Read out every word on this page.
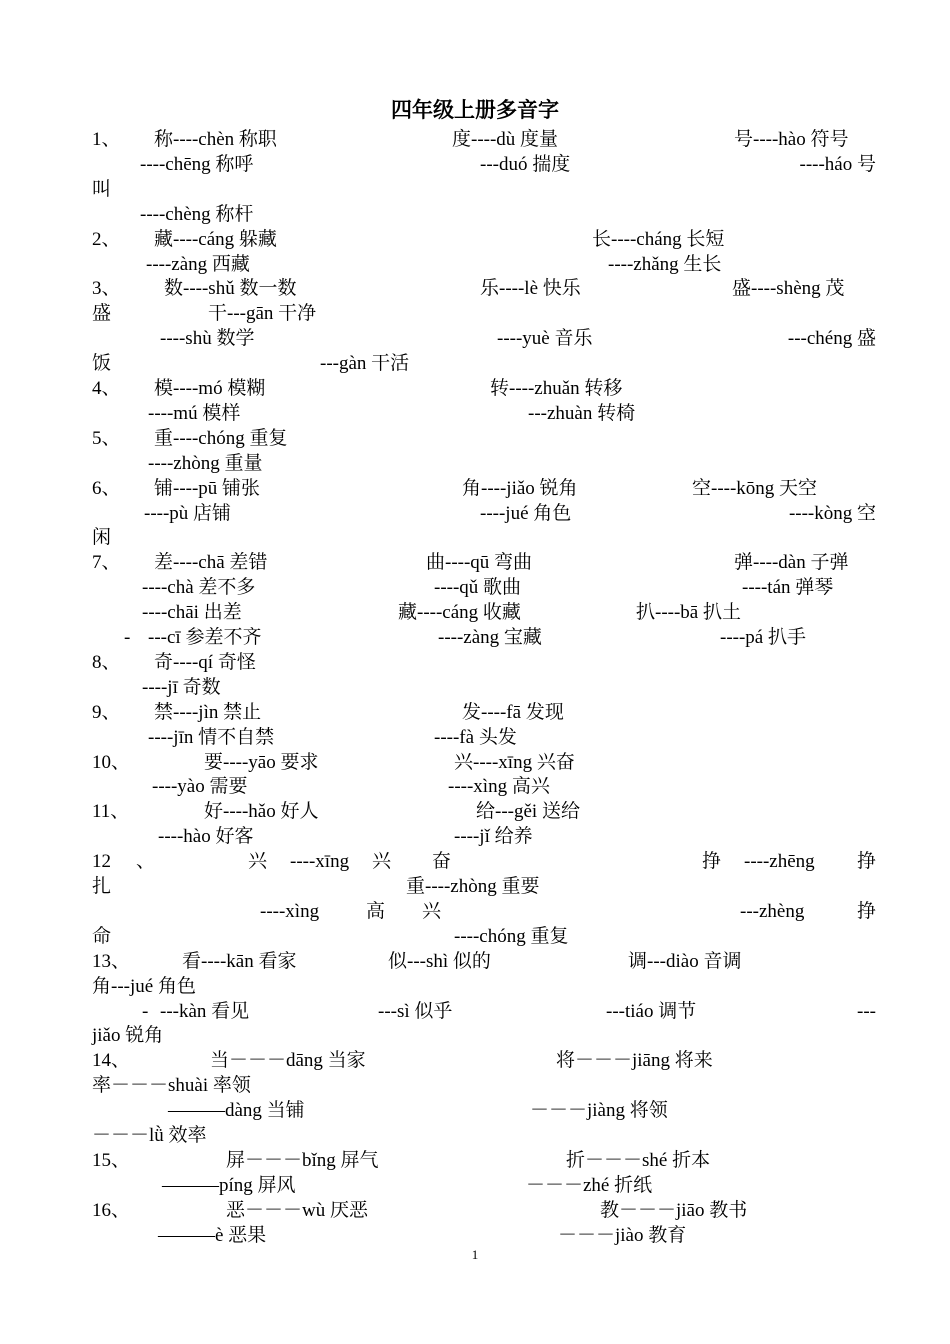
四年级上册多音字
1、 称----chèn 称职	度----dù 度量	号----hào 符号
----chēng 称呼	---duó 揣度	----háo 号
叫
----chèng 称杆
2、 藏----cáng 躲藏	长----cháng 长短
----zàng 西藏	----zhǎng 生长
3、 数----shǔ 数一数	乐----lè 快乐	盛----shèng 茂
盛	干---gān 干净
----shù 数学	----yuè 音乐	---chéng 盛
饭	---gàn 干活
4、 模----mó 模糊	转----zhuǎn 转移
----mú 模样	---zhuàn 转椅
5、 重----chóng 重复
----zhòng 重量
6、 铺----pū 铺张	角----jiǎo 锐角	空----kōng 天空
----pù 店铺	----jué 角色	----kòng 空
闲
7、 差----chā 差错	曲----qū 弯曲	弹----dàn 子弹
----chà 差不多	----qǔ 歌曲	----tán 弹琴
----chāi 出差	藏----cáng 收藏	扒----bā 扒土
- ---cī 参差不齐	----zàng 宝藏	----pá 扒手
8、 奇----qí 奇怪
----jī 奇数
9、 禁----jìn 禁止	发----fā 发现
----jīn 情不自禁	----fà 头发
10、	要----yāo 要求	兴----xīng 兴奋
----yào 需要	----xìng 高兴
11、	好----hǎo 好人	给---gěi 送给
----hào 好客	----jǐ 给养
12 、	兴 ----xīng 兴 奋	挣 ----zhēng 挣
扎	重----zhòng 重要
----xìng 高 兴	---zhèng	挣
命	----chóng 重复
13、	看----kān 看家	似---shì 似的	调---diào 音调
角---jué 角色
- ---kàn 看见	---sì 似乎	---tiáo 调节	---
jiǎo 锐角
14、	当－－－dāng 当家	将－－－jiāng 将来
率－－－shuài 率领
———dàng 当铺	－－－jiàng 将领
－－－lǜ 效率
15、	屏－－－bǐng 屏气	折－－－shé 折本
———píng 屏风	－－－zhé 折纸
16、	恶－－－wù 厌恶	教－－－jiāo 教书
———è 恶果	－－－jiào 教育
1
